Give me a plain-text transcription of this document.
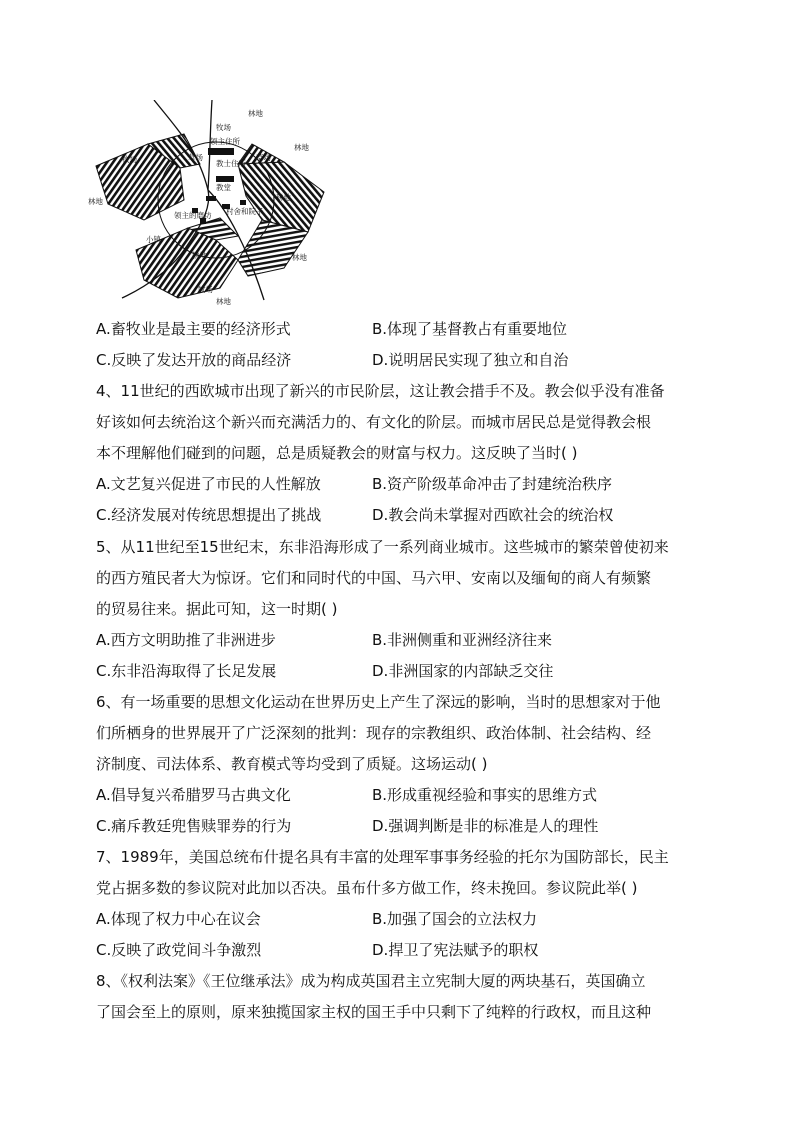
林地
林地
林地
林地
林地
牧场
牧场
牧场
领主住所
教士住所
教堂
村舍和院子
领主的磨坊
小镇
草场	草场
耕地
耕地
A.畜牧业是最主要的经济形式	B.体现了基督教占有重要地位
C.反映了发达开放的商品经济	D.说明居民实现了独立和自治
4、11世纪的西欧城市出现了新兴的市民阶层，这让教会措手不及。教会似乎没有准备
好该如何去统治这个新兴而充满活力的、有文化的阶层。而城市居民总是觉得教会根
本不理解他们碰到的问题，总是质疑教会的财富与权力。这反映了当时( )
A.文艺复兴促进了市民的人性解放	B.资产阶级革命冲击了封建统治秩序
C.经济发展对传统思想提出了挑战	D.教会尚未掌握对西欧社会的统治权
5、从11世纪至15世纪末，东非沿海形成了一系列商业城市。这些城市的繁荣曾使初来
的西方殖民者大为惊讶。它们和同时代的中国、马六甲、安南以及缅甸的商人有频繁
的贸易往来。据此可知，这一时期( )
A.西方文明助推了非洲进步	B.非洲侧重和亚洲经济往来
C.东非沿海取得了长足发展	D.非洲国家的内部缺乏交往
6、有一场重要的思想文化运动在世界历史上产生了深远的影响，当时的思想家对于他
们所栖身的世界展开了广泛深刻的批判：现存的宗教组织、政治体制、社会结构、经
济制度、司法体系、教育模式等均受到了质疑。这场运动( )
A.倡导复兴希腊罗马古典文化	B.形成重视经验和事实的思维方式
C.痛斥教廷兜售赎罪券的行为	D.强调判断是非的标准是人的理性
7、1989年，美国总统布什提名具有丰富的处理军事事务经验的托尔为国防部长，民主
党占据多数的参议院对此加以否决。虽布什多方做工作，终未挽回。参议院此举( )
A.体现了权力中心在议会	B.加强了国会的立法权力
C.反映了政党间斗争激烈	D.捍卫了宪法赋予的职权
8、《权利法案》《王位继承法》成为构成英国君主立宪制大厦的两块基石，英国确立
了国会至上的原则，原来独揽国家主权的国王手中只剩下了纯粹的行政权，而且这种
